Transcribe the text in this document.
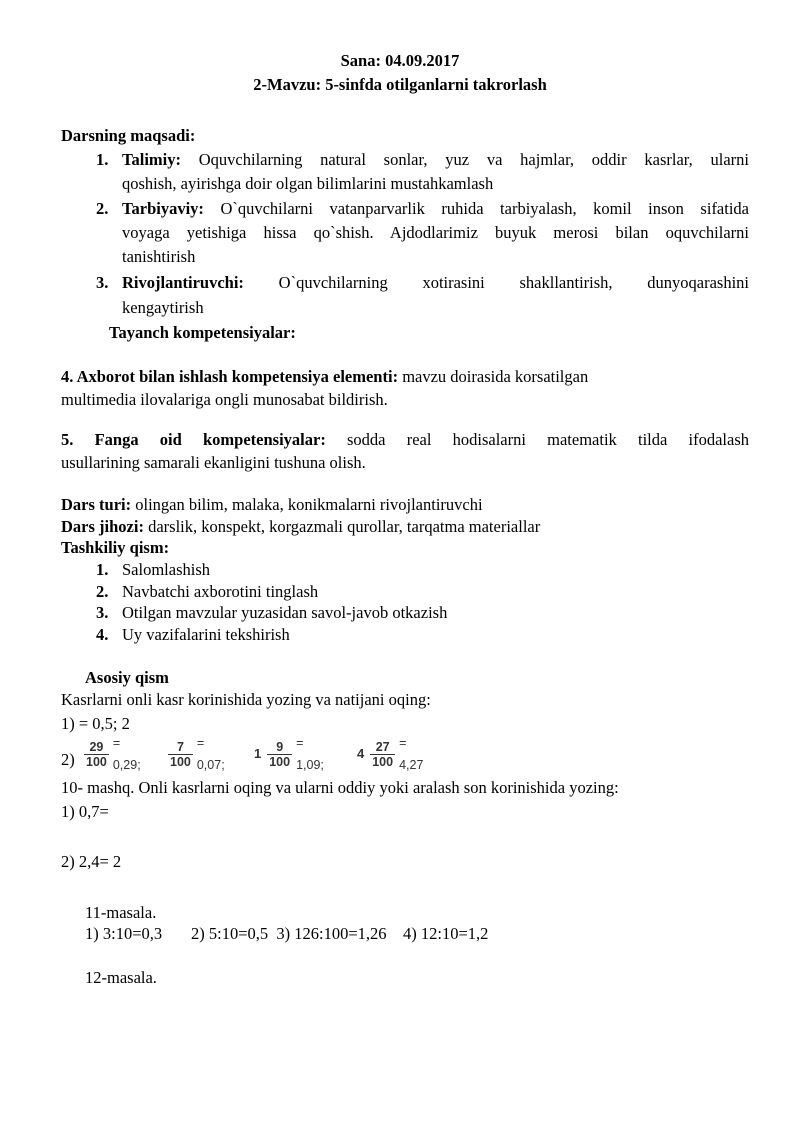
Sana: 04.09.2017
2-Mavzu: 5-sinfda otilganlarni takrorlash
Darsning maqsadi:
1. Talimiy: Oquvchilarning natural sonlar, yuz va hajmlar, oddir kasrlar, ularni
qoshish, ayirishga doir olgan bilimlarini mustahkamlash
2. Tarbiyaviy: O`quvchilarni vatanparvarlik ruhida tarbiyalash, komil inson sifatida
voyaga yetishiga hissa qo`shish. Ajdodlarimiz buyuk merosi bilan oquvchilarni
tanishtirish
3. Rivojlantiruvchi: O`quvchilarning xotirasini shakllantirish, dunyoqarashini
kengaytirish
Tayanch kompetensiyalar:
4. Axborot bilan ishlash kompetensiya elementi: mavzu doirasida korsatilgan
multimedia ilovalariga ongli munosabat bildirish.
5. Fanga oid kompetensiyalar: sodda real hodisalarni matematik tilda ifodalash
usullarining samarali ekanligini tushuna olish.
Dars turi: olingan bilim, malaka, konikmalarni rivojlantiruvchi
Dars jihozi: darslik, konspekt, korgazmali qurollar, tarqatma materiallar
Tashkiliy qism:
1. Salomlashish
2. Navbatchi axborotini tinglash
3. Otilgan mavzular yuzasidan savol-javob otkazish
4. Uy vazifalarini tekshirish
Asosiy qism
Kasrlarni onli kasr korinishida yozing va natijani oqing:
1) = 0,5; 2
$2) \frac{29}{100} = 0,29$; $\frac{7}{100} = 0,07$;
$1 \frac{9}{100} = 1,09$;
$4 \frac{27}{100} = 4,27$
10- mashq. Onli kasrlarni oqing va ularni oddiy yoki aralash son korinishida yozing:
1) 0,7=
2) 2,4= 2
11-masala.
1) 3:10=0,3       2) 5:10=0,5  3) 126:100=1,26    4) 12:10=1,2
12-masala.
